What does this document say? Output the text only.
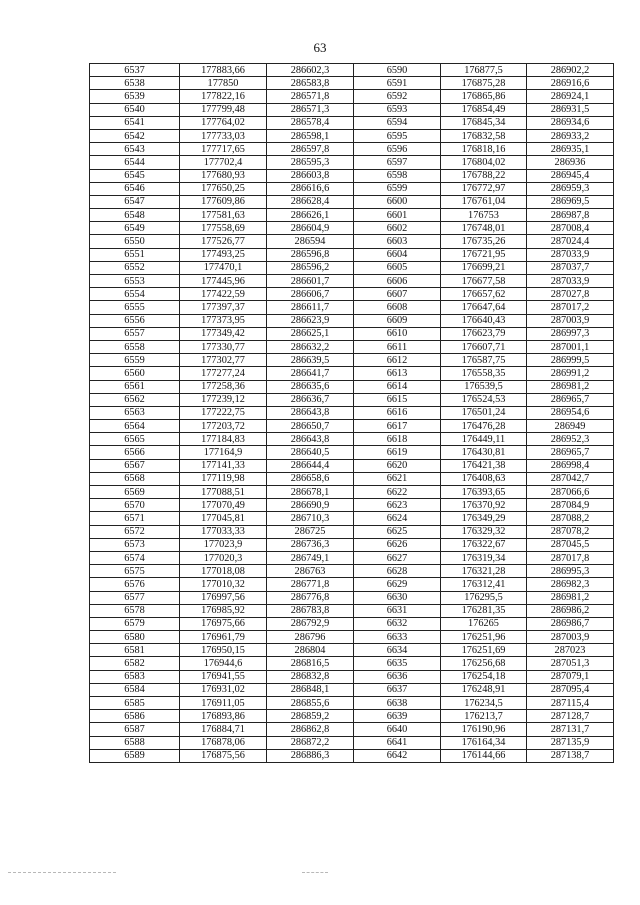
63
6537	177883,66	286602,3	6590	176877,5	286902,2
6538	177850	286583,8	6591	176875,28	286916,6
6539	177822,16	286571,8	6592	176865,86	286924,1
6540	177799,48	286571,3	6593	176854,49	286931,5
6541	177764,02	286578,4	6594	176845,34	286934,6
6542	177733,03	286598,1	6595	176832,58	286933,2
6543	177717,65	286597,8	6596	176818,16	286935,1
6544	177702,4	286595,3	6597	176804,02	286936
6545	177680,93	286603,8	6598	176788,22	286945,4
6546	177650,25	286616,6	6599	176772,97	286959,3
6547	177609,86	286628,4	6600	176761,04	286969,5
6548	177581,63	286626,1	6601	176753	286987,8
6549	177558,69	286604,9	6602	176748,01	287008,4
6550	177526,77	286594	6603	176735,26	287024,4
6551	177493,25	286596,8	6604	176721,95	287033,9
6552	177470,1	286596,2	6605	176699,21	287037,7
6553	177445,96	286601,7	6606	176677,58	287033,9
6554	177422,59	286606,7	6607	176657,62	287027,8
6555	177397,37	286611,7	6608	176647,64	287017,2
6556	177373,95	286623,9	6609	176640,43	287003,9
6557	177349,42	286625,1	6610	176623,79	286997,3
6558	177330,77	286632,2	6611	176607,71	287001,1
6559	177302,77	286639,5	6612	176587,75	286999,5
6560	177277,24	286641,7	6613	176558,35	286991,2
6561	177258,36	286635,6	6614	176539,5	286981,2
6562	177239,12	286636,7	6615	176524,53	286965,7
6563	177222,75	286643,8	6616	176501,24	286954,6
6564	177203,72	286650,7	6617	176476,28	286949
6565	177184,83	286643,8	6618	176449,11	286952,3
6566	177164,9	286640,5	6619	176430,81	286965,7
6567	177141,33	286644,4	6620	176421,38	286998,4
6568	177119,98	286658,6	6621	176408,63	287042,7
6569	177088,51	286678,1	6622	176393,65	287066,6
6570	177070,49	286690,9	6623	176370,92	287084,9
6571	177045,81	286710,3	6624	176349,29	287088,2
6572	177033,33	286725	6625	176329,32	287078,2
6573	177023,9	286736,3	6626	176322,67	287045,5
6574	177020,3	286749,1	6627	176319,34	287017,8
6575	177018,08	286763	6628	176321,28	286995,3
6576	177010,32	286771,8	6629	176312,41	286982,3
6577	176997,56	286776,8	6630	176295,5	286981,2
6578	176985,92	286783,8	6631	176281,35	286986,2
6579	176975,66	286792,9	6632	176265	286986,7
6580	176961,79	286796	6633	176251,96	287003,9
6581	176950,15	286804	6634	176251,69	287023
6582	176944,6	286816,5	6635	176256,68	287051,3
6583	176941,55	286832,8	6636	176254,18	287079,1
6584	176931,02	286848,1	6637	176248,91	287095,4
6585	176911,05	286855,6	6638	176234,5	287115,4
6586	176893,86	286859,2	6639	176213,7	287128,7
6587	176884,71	286862,8	6640	176190,96	287131,7
6588	176878,06	286872,2	6641	176164,34	287135,9
6589	176875,56	286886,3	6642	176144,66	287138,7
